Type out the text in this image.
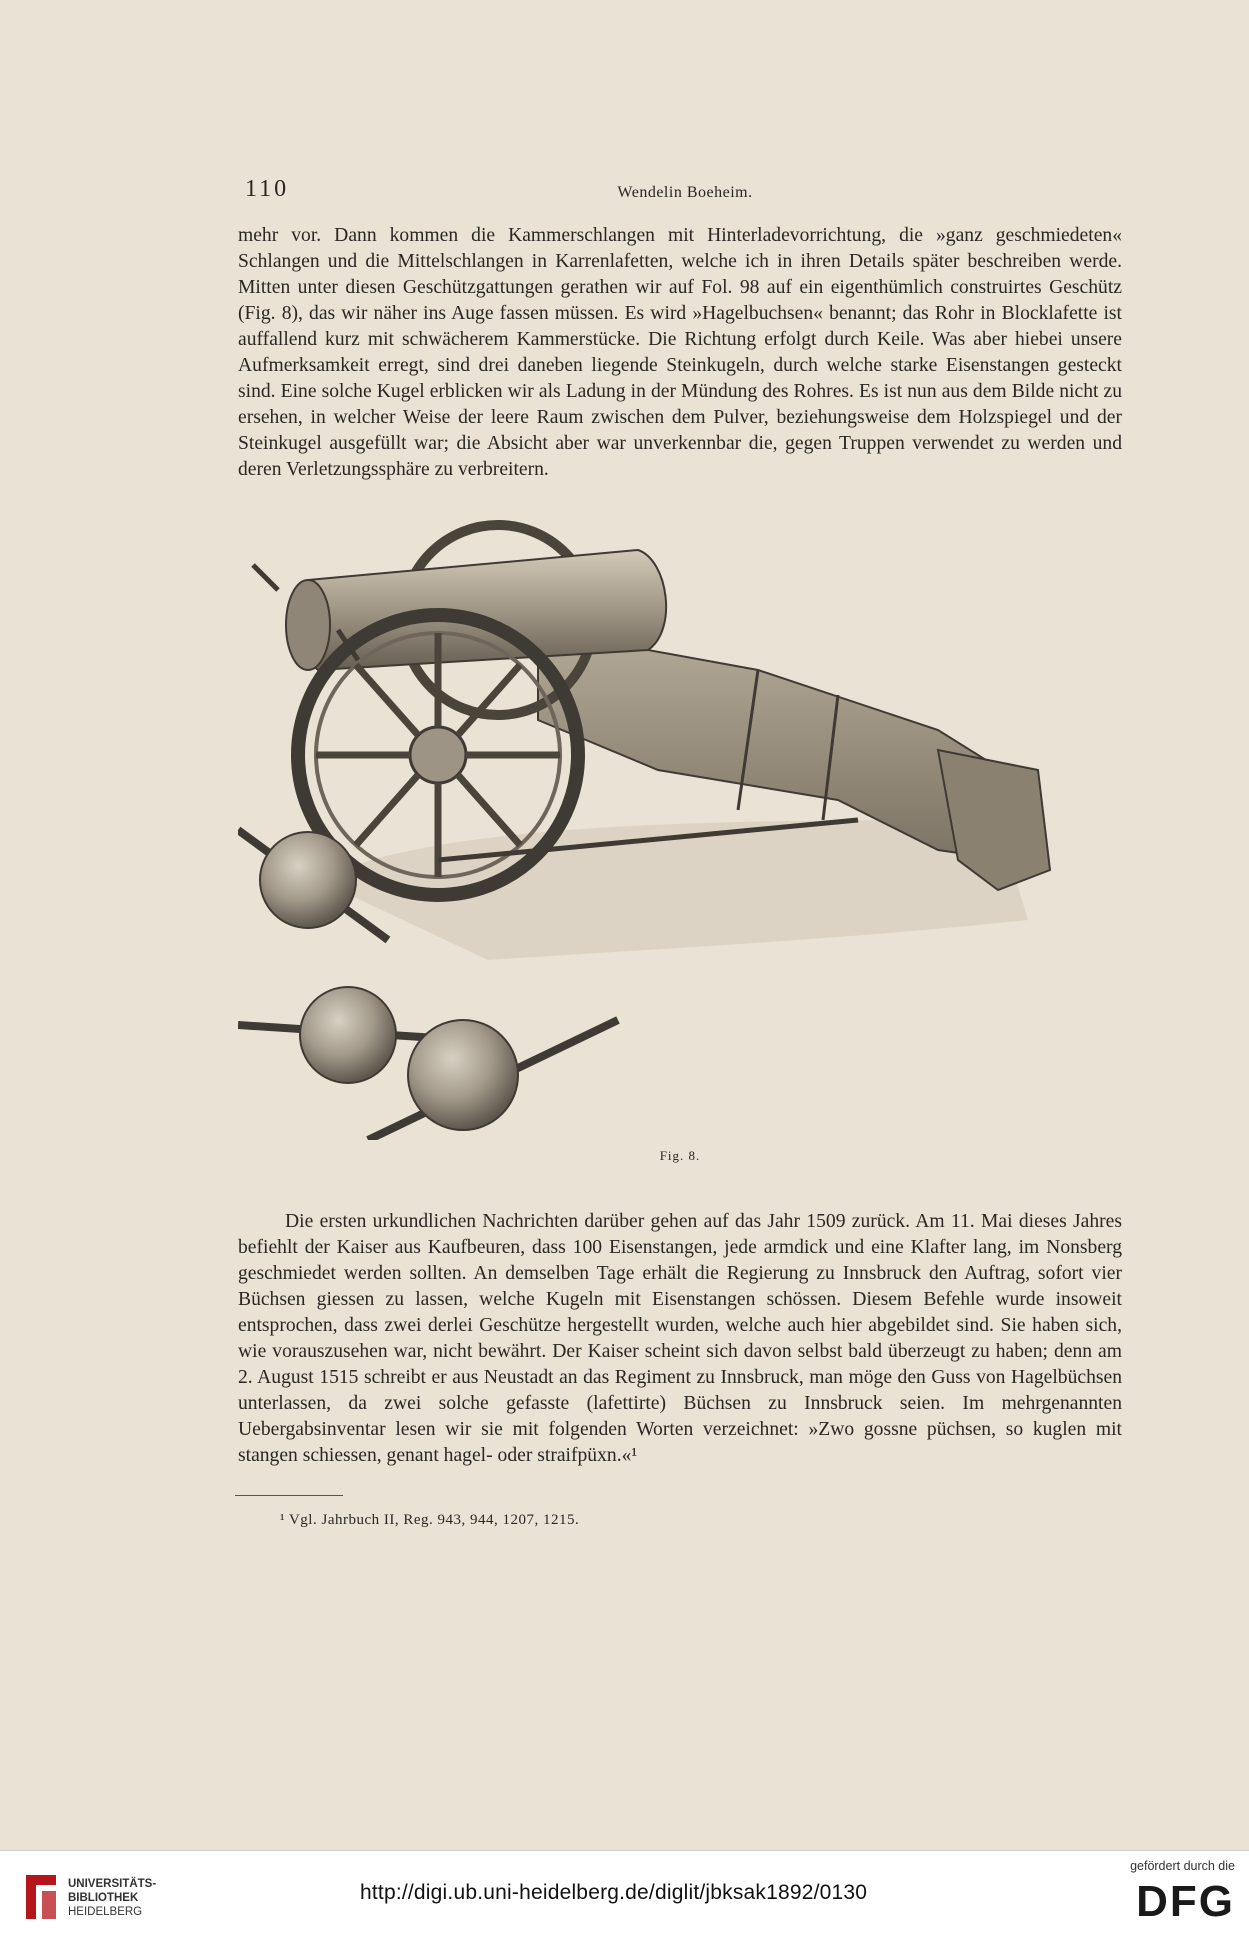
110	Wendelin Boeheim.

mehr vor. Dann kommen die Kammerschlangen mit Hinterladevorrichtung, die »ganz geschmiedeten« Schlangen und die Mittelschlangen in Karrenlafetten, welche ich in ihren Details später beschreiben werde. Mitten unter diesen Geschützgattungen gerathen wir auf Fol. 98 auf ein eigenthümlich construirtes Geschütz (Fig. 8), das wir näher ins Auge fassen müssen. Es wird »Hagelbuchsen« benannt; das Rohr in Blocklafette ist auffallend kurz mit schwächerem Kammerstücke. Die Richtung erfolgt durch Keile. Was aber hiebei unsere Aufmerksamkeit erregt, sind drei daneben liegende Steinkugeln, durch welche starke Eisenstangen gesteckt sind. Eine solche Kugel erblicken wir als Ladung in der Mündung des Rohres. Es ist nun aus dem Bilde nicht zu ersehen, in welcher Weise der leere Raum zwischen dem Pulver, beziehungsweise dem Holzspiegel und der Steinkugel ausgefüllt war; die Absicht aber war unverkennbar die, gegen Truppen verwendet zu werden und deren Verletzungssphäre zu verbreitern.

Fig. 8.

Die ersten urkundlichen Nachrichten darüber gehen auf das Jahr 1509 zurück. Am 11. Mai dieses Jahres befiehlt der Kaiser aus Kaufbeuren, dass 100 Eisenstangen, jede armdick und eine Klafter lang, im Nonsberg geschmiedet werden sollten. An demselben Tage erhält die Regierung zu Innsbruck den Auftrag, sofort vier Büchsen giessen zu lassen, welche Kugeln mit Eisenstangen schössen. Diesem Befehle wurde insoweit entsprochen, dass zwei derlei Geschütze hergestellt wurden, welche auch hier abgebildet sind. Sie haben sich, wie vorauszusehen war, nicht bewährt. Der Kaiser scheint sich davon selbst bald überzeugt zu haben; denn am 2. August 1515 schreibt er aus Neustadt an das Regiment zu Innsbruck, man möge den Guss von Hagelbüchsen unterlassen, da zwei solche gefasste (lafettirte) Büchsen zu Innsbruck seien. Im mehrgenannten Uebergabsinventar lesen wir sie mit folgenden Worten verzeichnet: »Zwo gossne püchsen, so kuglen mit stangen schiessen, genant hagel- oder straifpüxn.«¹

¹ Vgl. Jahrbuch II, Reg. 943, 944, 1207, 1215.
UNIVERSITÄTS-
BIBLIOTHEK
HEIDELBERG
http://digi.ub.uni-heidelberg.de/diglit/jbksak1892/0130
gefördert durch die
DFG
